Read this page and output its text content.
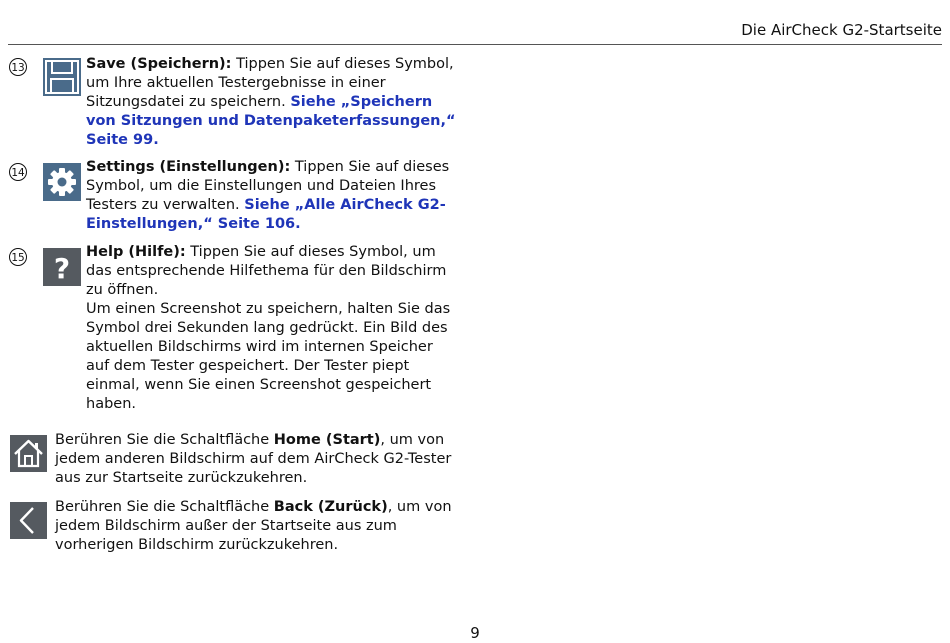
Die AirCheck G2-Startseite
13	Save (Speichern): Tippen Sie auf dieses Symbol, um Ihre aktuellen Testergebnisse in einer Sitzungsdatei zu speichern. Siehe „Speichern von Sitzungen und Datenpaketerfassungen,“ Seite 99.
14	Settings (Einstellungen): Tippen Sie auf dieses Symbol, um die Einstellungen und Dateien Ihres Testers zu verwalten. Siehe „Alle AirCheck G2-Einstellungen,“ Seite 106.
15 ? Help (Hilfe): Tippen Sie auf dieses Symbol, um das entsprechende Hilfethema für den Bildschirm zu öffnen.
Um einen Screenshot zu speichern, halten Sie das Symbol drei Sekunden lang gedrückt. Ein Bild des aktuellen Bildschirms wird im internen Speicher auf dem Tester gespeichert. Der Tester piept einmal, wenn Sie einen Screenshot gespeichert haben.
Berühren Sie die Schaltfläche Home (Start), um von jedem anderen Bildschirm auf dem AirCheck G2-Tester aus zur Startseite zurückzukehren.
Berühren Sie die Schaltfläche Back (Zurück), um von jedem Bildschirm außer der Startseite aus zum vorherigen Bildschirm zurückzukehren.
9
